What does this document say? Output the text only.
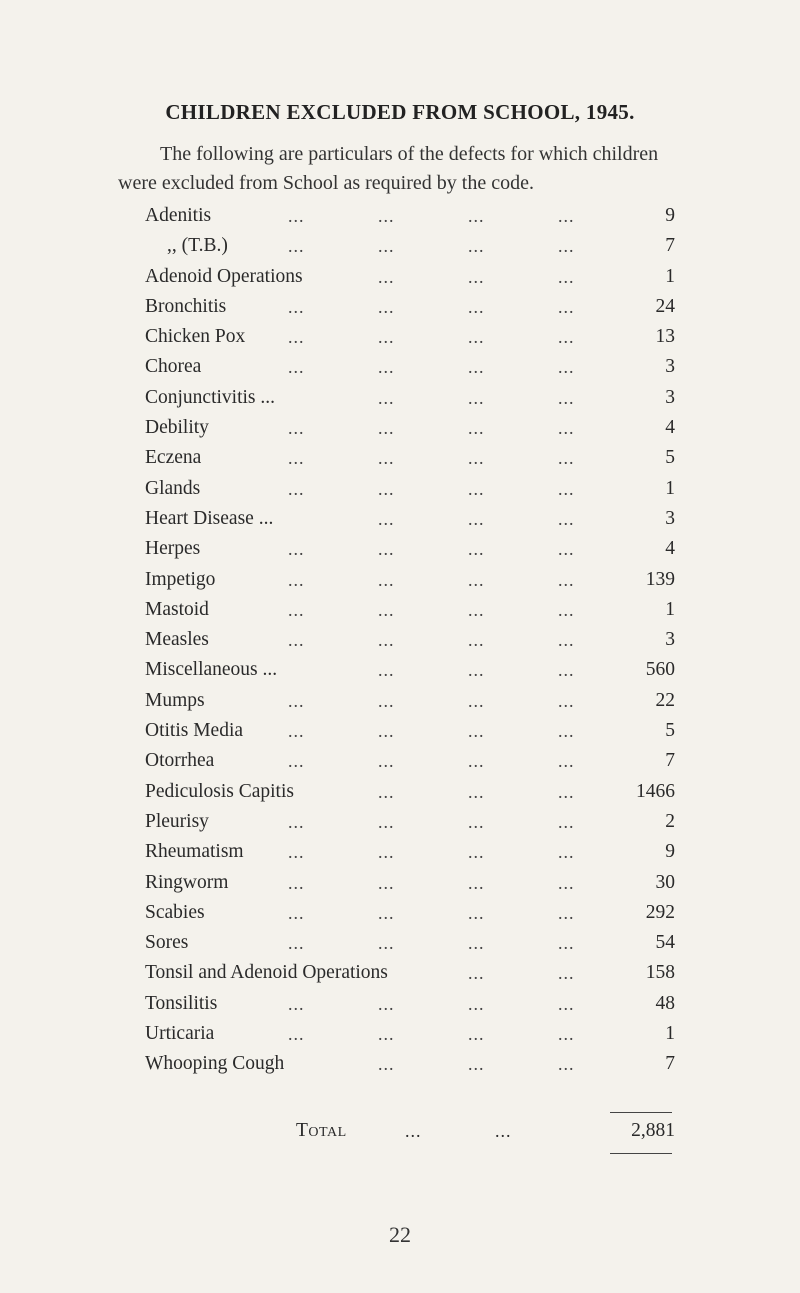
CHILDREN EXCLUDED FROM SCHOOL, 1945.
The following are particulars of the defects for which children
were excluded from School as required by the code.
Adenitis	...	...	...	...	9
,, (T.B.)	...	...	...	...	7
Adenoid Operations	...	...	...	1
Bronchitis	...	...	...	...	24
Chicken Pox ...	...	...	...	13
Chorea	...	...	...	...	3
Conjunctivitis ...	...	...	...	3
Debility	...	...	...	...	4
Eczena	...	...	...	...	5
Glands	...	...	...	...	1
Heart Disease ...	...	...	...	3
Herpes	...	...	...	...	4
Impetigo	...	...	...	...	139
Mastoid	...	...	...	...	1
Measles	...	...	...	...	3
Miscellaneous ...	...	...	...	560
Mumps	...	...	...	...	22
Otitis Media ...	...	...	...	5
Otorrhea	...	...	...	...	7
Pediculosis Capitis	...	...	...	1466
Pleurisy	...	...	...	...	2
Rheumatism ...	...	...	...	9
Ringworm	...	...	...	...	30
Scabies	...	...	...	...	292
Sores	...	...	...	...	54
Tonsil and Adenoid Operations	...	...	158
Tonsilitis	...	...	...	...	48
Urticaria	...	...	...	...	1
Whooping Cough	...	...	...	7
Total	...	...	2,881
22
